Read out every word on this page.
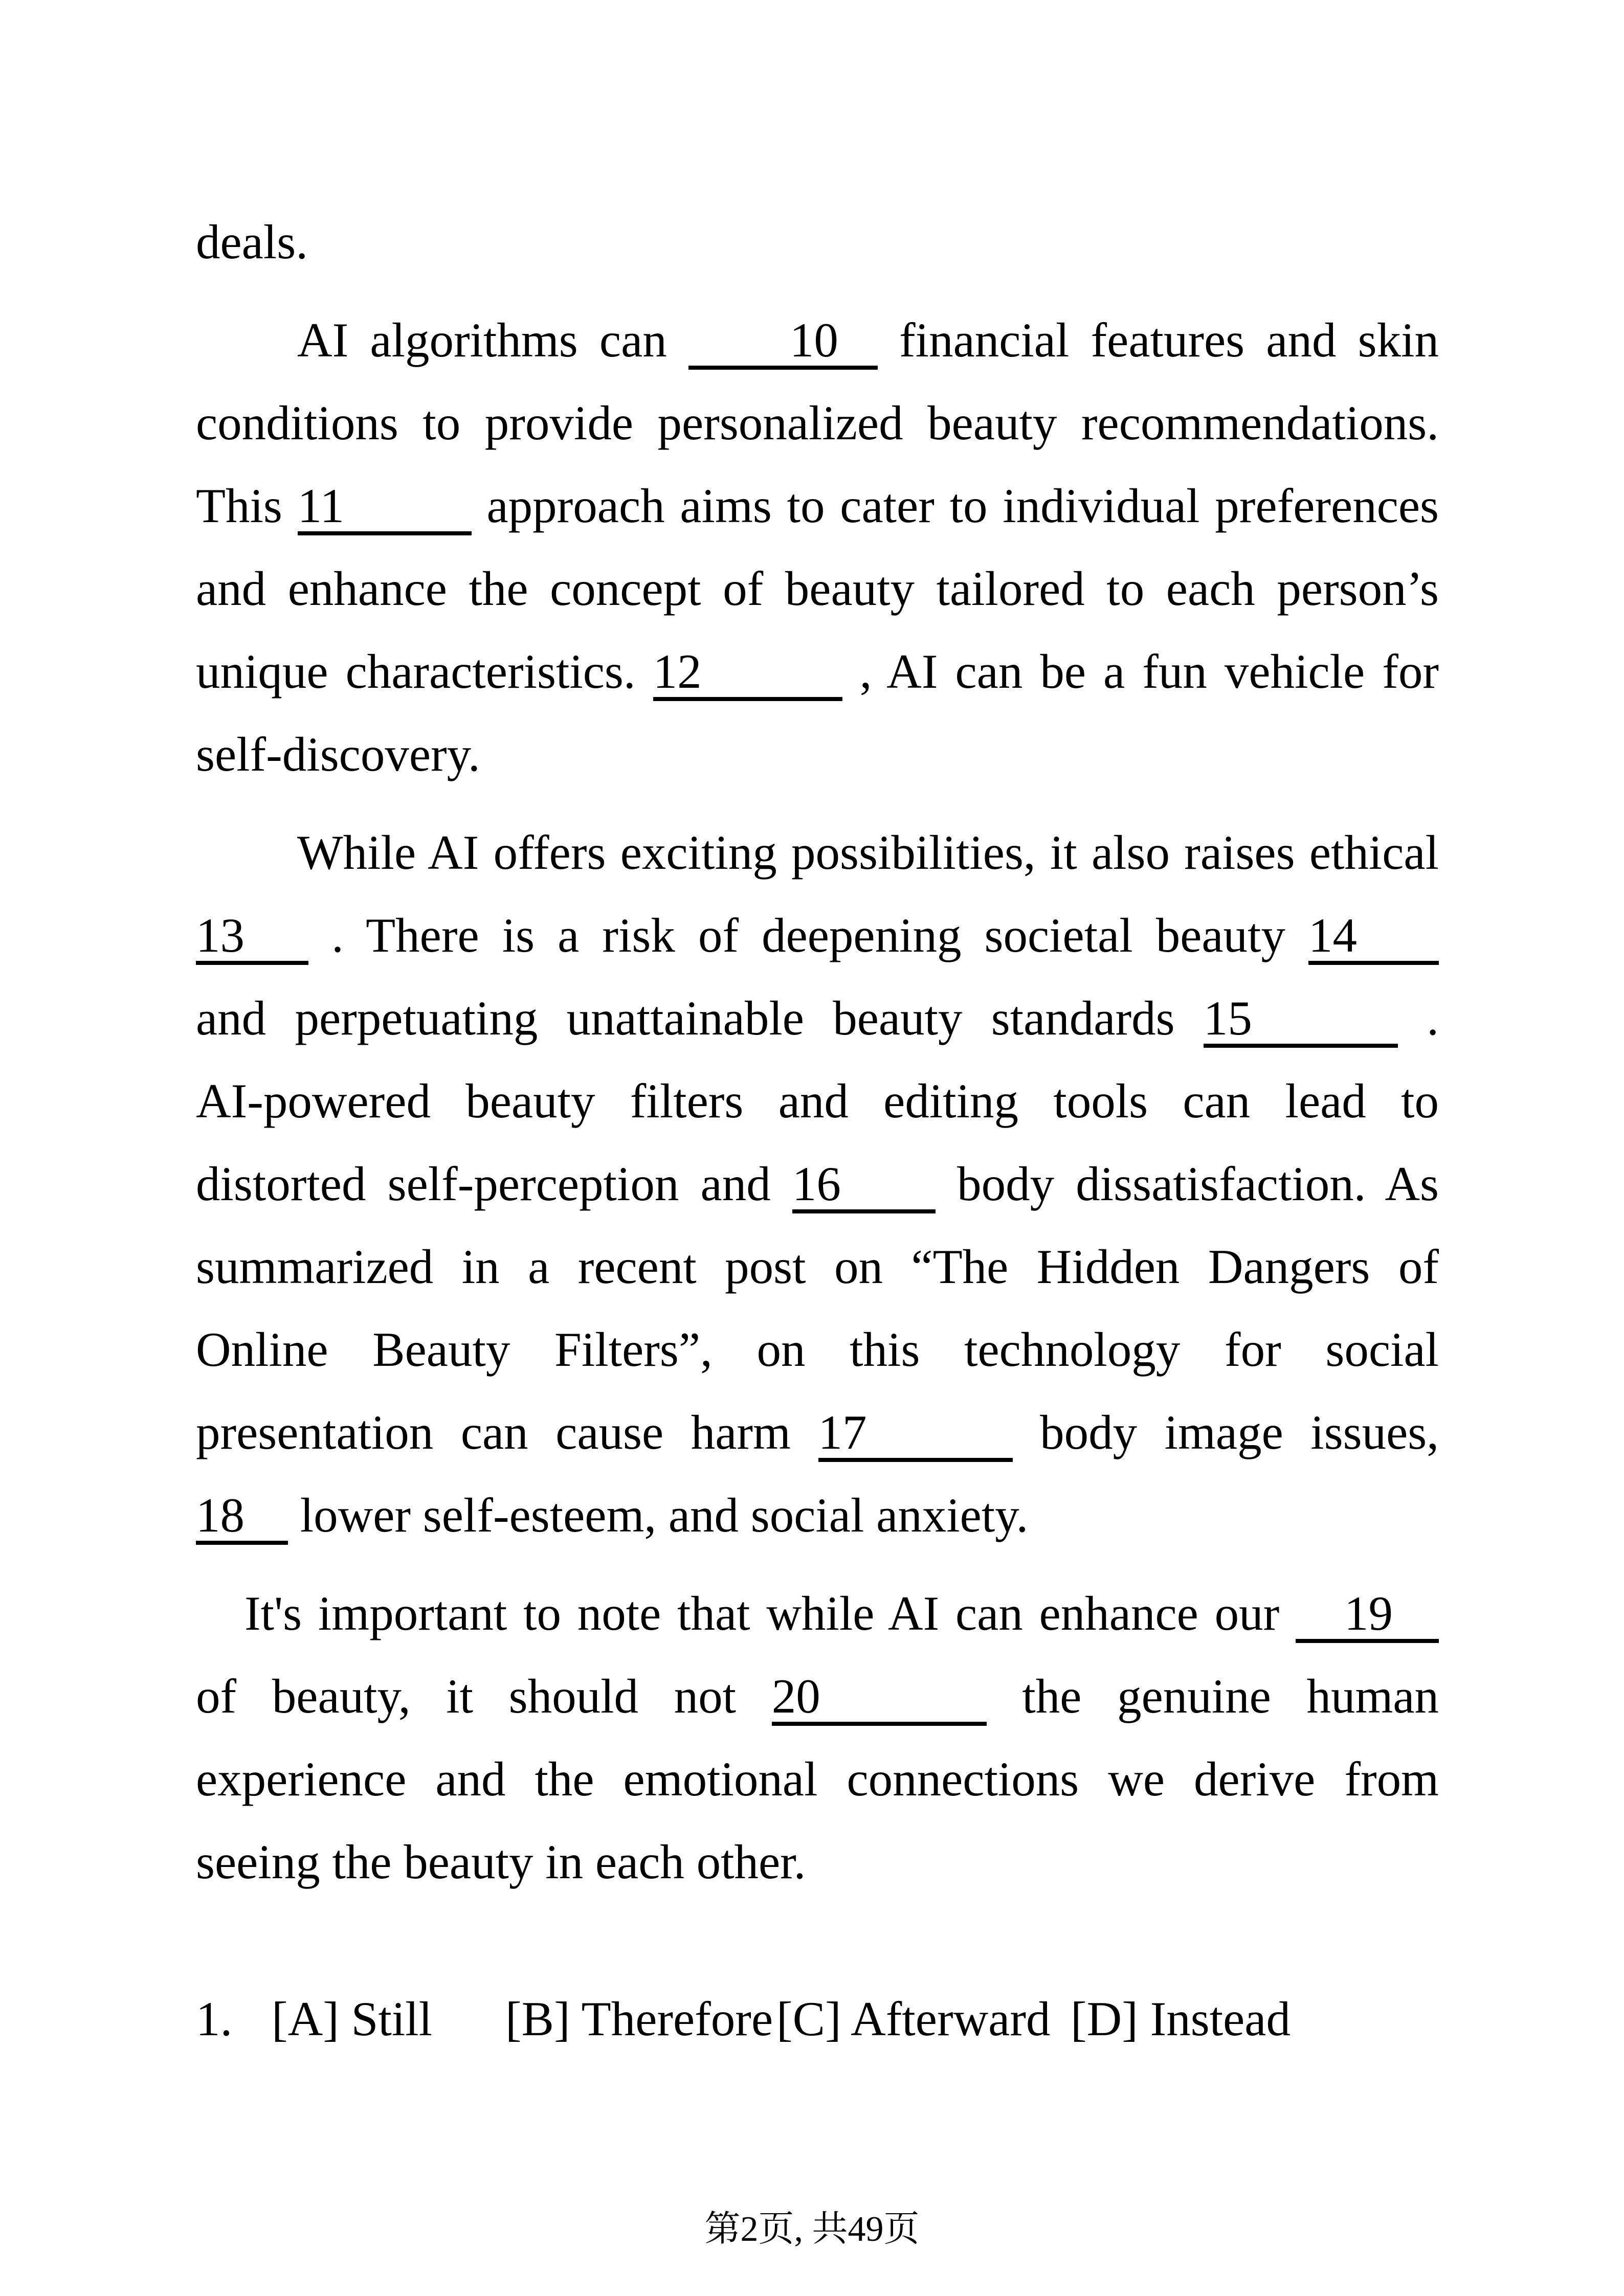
deals.
AI algorithms can	10 financial features and skin
conditions to provide personalized beauty recommendations.
This 11	approach aims to cater to individual preferences
and enhance the concept of beauty tailored to each person’s
unique characteristics. 12	, AI can be a fun vehicle for
self-discovery.
While AI offers exciting possibilities, it also raises ethical
13 . There is a risk of deepening societal beauty 14
and perpetuating unattainable beauty standards 15	.
AI-powered beauty filters and editing tools can lead to
distorted self-perception and 16 body dissatisfaction. As
summarized in a recent post on “The Hidden Dangers of
Online Beauty Filters”, on this technology for social
presentation can cause harm 17	body image issues,
18 lower self-esteem, and social anxiety.
It's important to note that while AI can enhance our 19
of beauty, it should not 20	the genuine human
experience and the emotional connections we derive from
seeing the beauty in each other.
1. [A] Still [B] Therefore[C] Afterward [D] Instead
第2页, 共49页
